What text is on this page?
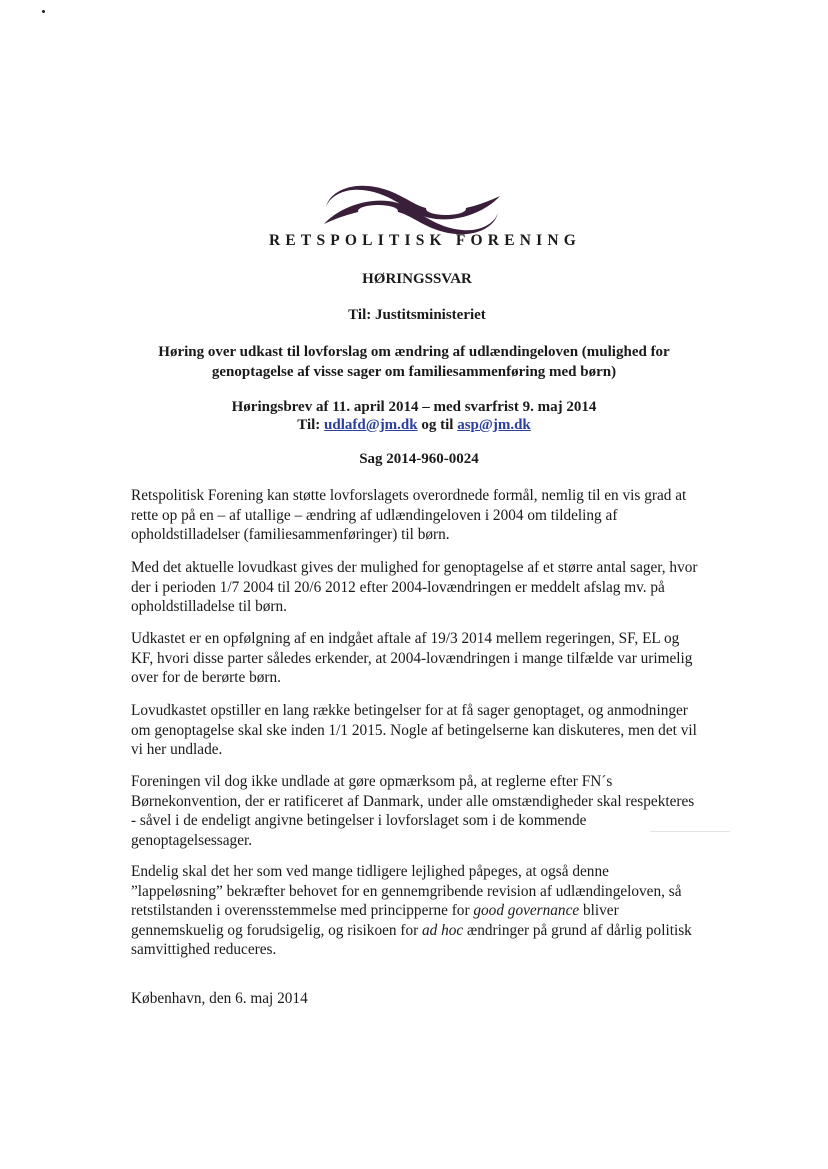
RETSPOLITISK FORENING
HØRINGSSVAR
Til: Justitsministeriet
Høring over udkast til lovforslag om ændring af udlændingeloven (mulighed for
genoptagelse af visse sager om familiesammenføring med børn)
Høringsbrev af 11. april 2014 – med svarfrist 9. maj 2014
Til: udlafd@jm.dk og til asp@jm.dk
Sag 2014-960-0024

Retspolitisk Forening kan støtte lovforslagets overordnede formål, nemlig til en vis grad at rette op på en – af utallige – ændring af udlændingeloven i 2004 om tildeling af opholdstilladelser (familiesammenføringer) til børn.

Med det aktuelle lovudkast gives der mulighed for genoptagelse af et større antal sager, hvor der i perioden 1/7 2004 til 20/6 2012 efter 2004-lovændringen er meddelt afslag mv. på opholdstilladelse til børn.

Udkastet er en opfølgning af en indgået aftale af 19/3 2014 mellem regeringen, SF, EL og KF, hvori disse parter således erkender, at 2004-lovændringen i mange tilfælde var urimelig over for de berørte børn.

Lovudkastet opstiller en lang række betingelser for at få sager genoptaget, og anmodninger om genoptagelse skal ske inden 1/1 2015. Nogle af betingelserne kan diskuteres, men det vil vi her undlade.

Foreningen vil dog ikke undlade at gøre opmærksom på, at reglerne efter FN´s Børnekonvention, der er ratificeret af Danmark, under alle omstændigheder skal respekteres - såvel i de endeligt angivne betingelser i lovforslaget som i de kommende genoptagelsessager.

Endelig skal det her som ved mange tidligere lejlighed påpeges, at også denne ”lappeløsning” bekræfter behovet for en gennemgribende revision af udlændingeloven, så retstilstanden i overensstemmelse med principperne for good governance bliver gennemskuelig og forudsigelig, og risikoen for ad hoc ændringer på grund af dårlig politisk samvittighed reduceres.

København, den 6. maj 2014
